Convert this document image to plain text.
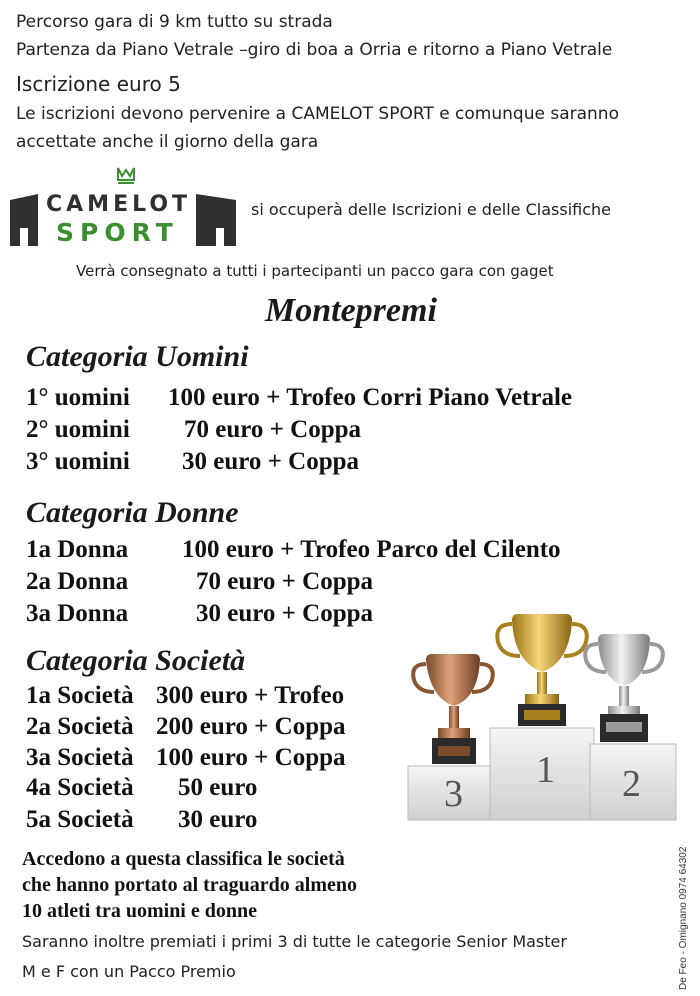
Percorso gara di 9 km tutto su strada
Partenza da Piano Vetrale –giro di boa a Orria e ritorno a Piano Vetrale
Iscrizione euro 5
Le iscrizioni devono pervenire a CAMELOT SPORT e comunque saranno
accettate anche il giorno della gara
CAMELOT
SPORT
si occuperà delle Iscrizioni e delle Classifiche
Verrà consegnato a tutti i partecipanti un pacco gara con gaget
Montepremi
Categoria Uomini
1° uomini 100 euro + Trofeo Corri Piano Vetrale
2° uomini 70 euro + Coppa
3° uomini 30 euro + Coppa
Categoria Donne
1a Donna 100 euro + Trofeo Parco del Cilento
2a Donna	70 euro + Coppa
3a Donna	30 euro + Coppa
Categoria Società
1a Società 300 euro + Trofeo
2a Società 200 euro + Coppa
3a Società 100 euro + Coppa
4a Società 50 euro
5a Società 30 euro
3
1 2
Accedono a questa classifica le società
che hanno portato al traguardo almeno
10 atleti tra uomini e donne
Saranno inoltre premiati i primi 3 di tutte le categorie Senior Master
M e F con un Pacco Premio	De Feo - Omignano 0974 64302
